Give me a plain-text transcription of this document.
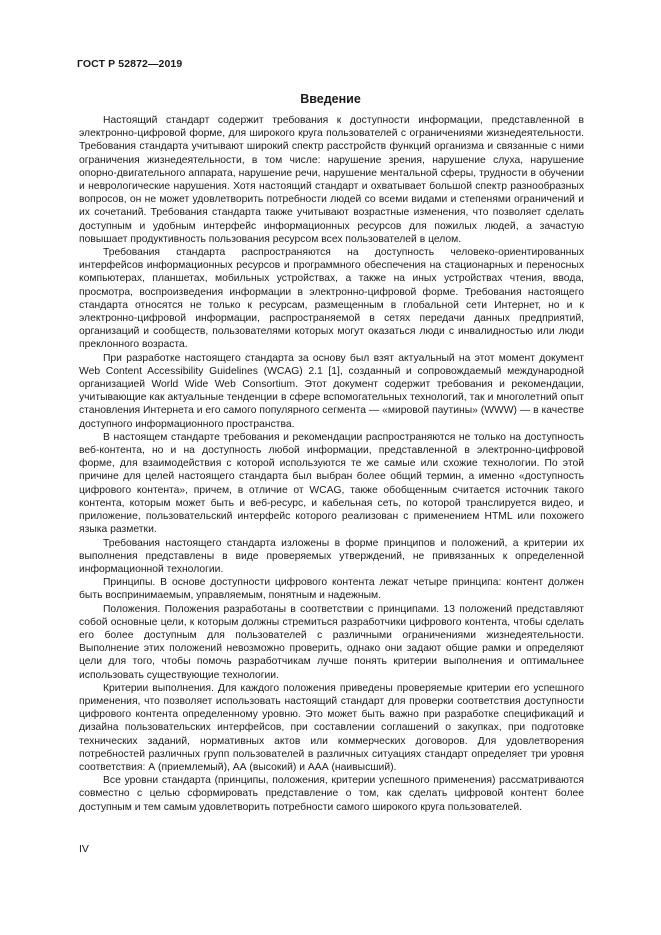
ГОСТ Р 52872—2019

Введение

Настоящий стандарт содержит требования к доступности информации, представленной в электронно-цифровой форме, для широкого круга пользователей с ограничениями жизнедеятельности. Требования стандарта учитывают широкий спектр расстройств функций организма и связанные с ними ограничения жизнедеятельности, в том числе: нарушение зрения, нарушение слуха, нарушение опорно-двигательного аппарата, нарушение речи, нарушение ментальной сферы, трудности в обучении и неврологические нарушения. Хотя настоящий стандарт и охватывает большой спектр разнообразных вопросов, он не может удовлетворить потребности людей со всеми видами и степенями ограничений и их сочетаний. Требования стандарта также учитывают возрастные изменения, что позволяет сделать доступным и удобным интерфейс информационных ресурсов для пожилых людей, а зачастую повышает продуктивность пользования ресурсом всех пользователей в целом.

Требования стандарта распространяются на доступность человеко-ориентированных интерфейсов информационных ресурсов и программного обеспечения на стационарных и переносных компьютерах, планшетах, мобильных устройствах, а также на иных устройствах чтения, ввода, просмотра, воспроизведения информации в электронно-цифровой форме. Требования настоящего стандарта относятся не только к ресурсам, размещенным в глобальной сети Интернет, но и к электронно-цифровой информации, распространяемой в сетях передачи данных предприятий, организаций и сообществ, пользователями которых могут оказаться люди с инвалидностью или люди преклонного возраста.

При разработке настоящего стандарта за основу был взят актуальный на этот момент документ Web Content Accessibility Guidelines (WCAG) 2.1 [1], созданный и сопровождаемый международной организацией World Wide Web Consortium. Этот документ содержит требования и рекомендации, учитывающие как актуальные тенденции в сфере вспомогательных технологий, так и многолетний опыт становления Интернета и его самого популярного сегмента — «мировой паутины» (WWW) — в качестве доступного информационного пространства.

В настоящем стандарте требования и рекомендации распространяются не только на доступность веб-контента, но и на доступность любой информации, представленной в электронно-цифровой форме, для взаимодействия с которой используются те же самые или схожие технологии. По этой причине для целей настоящего стандарта был выбран более общий термин, а именно «доступность цифрового контента», причем, в отличие от WCAG, также обобщенным считается источник такого контента, которым может быть и веб-ресурс, и кабельная сеть, по которой транслируется видео, и приложение, пользовательский интерфейс которого реализован с применением HTML или похожего языка разметки.

Требования настоящего стандарта изложены в форме принципов и положений, а критерии их выполнения представлены в виде проверяемых утверждений, не привязанных к определенной информационной технологии.

Принципы. В основе доступности цифрового контента лежат четыре принципа: контент должен быть воспринимаемым, управляемым, понятным и надежным.

Положения. Положения разработаны в соответствии с принципами. 13 положений представляют собой основные цели, к которым должны стремиться разработчики цифрового контента, чтобы сделать его более доступным для пользователей с различными ограничениями жизнедеятельности. Выполнение этих положений невозможно проверить, однако они задают общие рамки и определяют цели для того, чтобы помочь разработчикам лучше понять критерии выполнения и оптимальнее использовать существующие технологии.

Критерии выполнения. Для каждого положения приведены проверяемые критерии его успешного применения, что позволяет использовать настоящий стандарт для проверки соответствия доступности цифрового контента определенному уровню. Это может быть важно при разработке спецификаций и дизайна пользовательских интерфейсов, при составлении соглашений о закупках, при подготовке технических заданий, нормативных актов или коммерческих договоров. Для удовлетворения потребностей различных групп пользователей в различных ситуациях стандарт определяет три уровня соответствия: А (приемлемый), АА (высокий) и ААА (наивысший).

Все уровни стандарта (принципы, положения, критерии успешного применения) рассматриваются совместно с целью сформировать представление о том, как сделать цифровой контент более доступным и тем самым удовлетворить потребности самого широкого круга пользователей.

IV
